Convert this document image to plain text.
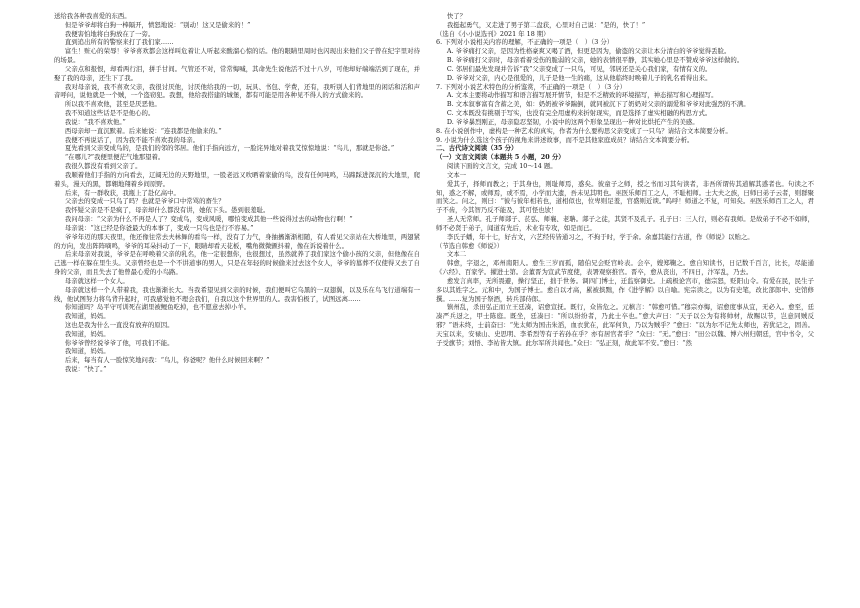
送给我各种我喜爱的东西。

但是爷爷却将白狗一棒隔开，愤怒地说：“别动！这又是偷来的！”

我便害怕地将白狗放在了一旁。

直到追出所有的警察来打了我们家……

富生！赃心的荣辱！爷爷喜欢都会这样叫危着让人听起来酸溜心惊的话。他的眼睛里周时也闪现出来他们父子曾在纪宇里对待的场景。

父亲点和报恨，却看两行泪，拼手甘间。气管还不对，常常悔喊，其命先生说他活不过十八岁，可他却好端端活到了现在，并娶了我的母亲，还生下了我。

我对母亲说，我不喜欢父亲，我很讨厌他，讨厌他给我的一切，玩具、书包、学费，还有，我听别人们背地里的闲话和活和声音呼问，说他就是一个贼，一个盗窃犯。我想，他给我搭建的城堡，都有可能是用各种见不得人的方式偷来的。

所以我不喜欢他，甚至是厌恶他。

我不知道这些话是不是他心的。

我说：“我不喜欢他。”

西母亲却一直沉默着。后来她说：“连我都是他偷来的。”

我便不再说话了，因为我不能不喜欢我的母亲。

夏先看到父亲变成鸟的，是我们的邻的邻居。他们手指向远方，一脸诧异地对着我艾惊惊地说：“鸟儿，那就是你爸。”

“在哪儿?”我便里便茫气地那望着。

我很久都没有看到父亲了。

我顺着他们手指的方向看去，辽阔无边的天野地里，一股老远又吹晒着家偷的鸟，没有任何吨鸣，马蹄踩进深沉的大地里，爬着头，漫天的黑，都翱地翔着乡间原野。

后来，有一群收获，我瓶上了赴亿高中。

父亲去的变成一只鸟了吗？也就是爷爷口中常骂的畜生？

我怀疑父亲是不是疯了，母亲却什么都没有讲，她依下头。愚到很羞耻。

我问母亲：“父亲为什么不再是人了？变成鸟，变成风暖，哪怕变成其他一些说得过去的动物也行啊！”

母亲说：“这已经是你爸最大的本事了，变成一只鸟也是行不容易。”

爷爷年迈的那天夜里，他还像往常去夫林舞的看鸟一样，没有了力气，身抽搐渐渐相随，有人看见父亲站在大桥地里，两翅紧的方向，发出阵阵嘀鸣，爷爷的耳朵抖动了一下，眼睛却看天花板，嘴角微微颤抖着，像在诉说着什么。

后来母亲对我说，爷爷是在呼唤着父亲的乳名，他一定很想你，也很想过，虽然就养了我们家这个偷小孩的父亲，但他像在自己逃一样在躲在里生头。又亲曾经也是一个不讲道事的男人，只是在年轻的时候偷来过去这个女人，爷爷的墓葬不仅使得又去了自身的父亲，而且失去了他曾最心爱的小鸟路。

母亲就这样一个女人。

母亲就这样一个人带着我，我也渐渐长大。当我希望见到父亲的时候，我们便叫它乌黑的一双翅翼，以及乐在鸟飞行道端有一线，他试图努力将鸟背升起时，可我感觉他不理会我们，自我以这个世界里的人。我害怕极了，试图远离……

你知道吗？岛平守可训死在湖里被鲤鱼吃掉，也不愿意去掉小羊。

我知道，妈妈。

这也是我为什么一直没有放弃的原因。

我知道，妈妈。

你爷爷曾经说爷爷了他，可我们不能。

我知道，妈妈。

后来，每当有人一脸惊笑地问我：“鸟儿，你爸呢？他什么时候回来啊？”

我说：“快了。”

快了？

我挺起勇气，又走进了男子第二盘获，心里对自己说：“是的，快了！”

（选自《小小说选刊》2021 年 18 期）

6. 下列对小说相关内容的理解，不正确的一项是（　）（3 分）

A. 爷爷痛打父亲，是因为性格豪爽又喝了酒，但更是因为，偷盗的父亲让本分清白的爷爷觉得丢脸。

B. 爷爷痛打父亲时，母亲看着受伤的脆弱的父亲，她的表情很平静，其实她心里是不赞成爷爷这样做的。

C. 邻居们最先发现并告诉“我”父亲变成了一只鸟，可见，邻居还是关心我们家，有情有义的。

D. 爷爷对父亲，内心是很爱的，儿子是他一生的痛，这从他临终时唤着儿子的乳名看得出来。

7. 下列对小说艺术特色的分析鉴赏，不正确的一项是（　）（3 分）

A. 文本主要将动作描写和语言描写展开情节，但是不乏精致的环境描写，神态描写和心理描写。

B. 文本叙事富有含蓄之美，如：奶奶被爷爷踹倒，就同被沉下了奶奶对父亲的溺爱和爷爷对此强烈的不满。

C. 文本既没有挑剔于写实，也没有完全用虚构来折射现实，而是选择了虚实相融的构思方式。

D. 爷爷暴烈刚正，母亲隐忍坚韧，小说中的这两个形象呈现出一种对比烘托产生的美感。

8. 在小说创作中，虚构是一种艺术的真实，作者为什么要构思父亲变成了一只鸟？请结合文本简要分析。

9. 小说为什么选这个孩子的视角来讲述故事，而不是其他家庭成员？请结合文本简要分析。

二、古代诗文阅读（35 分）

（一）文言文阅读（本题共 5 小题，20 分）

阅读下面的文言文，完成 10～14 题。

文本一

爱其子，择师而教之；于其身也，则耻师焉，惑矣。彼童子之师，授之书而习其句读者，非吾所谓传其道解其惑者也。句读之不知，惑之不解，或师焉，或不焉，小学而大遗，吾未见其明也。巫医乐师百工之人，不耻相师。士大夫之族，曰师曰弟子云者，则群聚而笑之。问之，则曰：“彼与彼年相若也，道相似也，位卑则足羞，官盛则近谀。”呜呼！师道之不复，可知矣。巫医乐师百工之人，君子不齿，今其智乃反不能及，其可怪也欤！

圣人无常师。孔子师郯子、苌弘、师襄、老聃。郯子之徒，其贤不及孔子。孔子曰：三人行，则必有我师。是故弟子不必不如师，师不必贤于弟子，闻道有先后，术业有专攻，如是而已。

李氏子蟠，年十七，好古文，六艺经传皆通习之，不拘于时，学于余。余嘉其能行古道，作《师说》以贻之。

（节选自韩愈《师说》）

文本二

韩愈，字退之，邓州南阳人。愈生三岁而孤，随伯兄会贬官岭表。会卒，嫂郑鞠之。愈自知读书，日记数千百言，比长，尽能通《六经》、百家学。擢进士第。会董晋为宣武节度使，表署观察推官。晋卒，愈从丧出，不四日，汴军乱，乃去。

愈发言真率，无所畏避，操行坚正，拙于世务。调四门博士，迁监察御史。上疏极论宫市，德宗怒，贬阳山令。有爱在民，民生子多以其姓字之。元和中，为国子博士。愈自以才高，累被摈黜，作《进学解》以自喻。宪宗读之，以为有史笔，改比部郎中、史馆修撰。……复为国子祭酒，转兵部侍郎。

镇州乱，杀田弘正而立王廷凑，诏愈宣抚。既行，众皆危之。元稹言：“韩愈可惜。”穆宗亦悔，诏愈度事从宜，无必入。愈至，廷凑严兵迓之，甲士陈庭。既坐，廷凑曰：“所以纷纷者，乃此士卒也。”愈大声曰：“天子以公为有将帅材，故赐以节，岂意同贼反邪？”语未终，士前奋曰：“先太师为国击朱滔，血衣犹在，此军何负，乃以为贼乎？”愈曰：“以为尔不记先太师也，若犹记之，固善。天宝以来，安禄山、史思明、李希烈等有子若孙在乎？亦有居官者乎？”众曰：“无。”愈曰：“田公以魏、博六州归朝廷，官中书令，父子受旗节；刘悟、李祐皆大镇。此尔军所共闻也。”众曰：“弘正刻，故此军不安。”愈曰：“然
